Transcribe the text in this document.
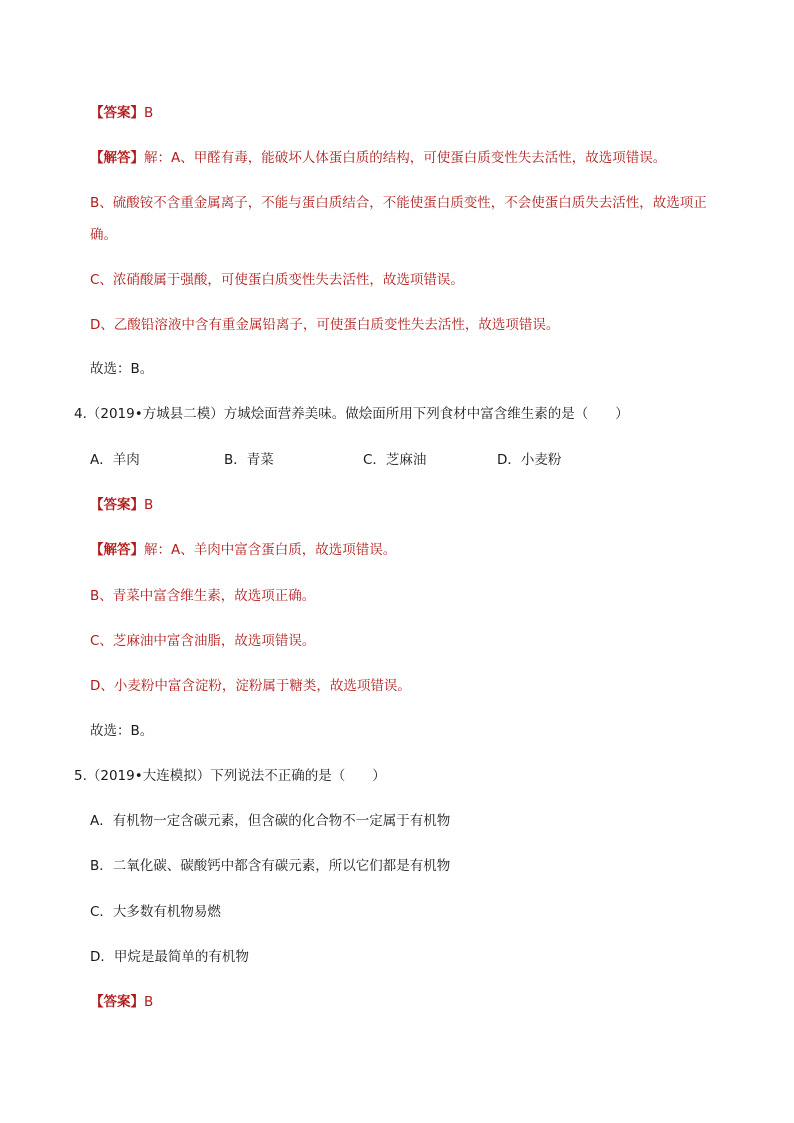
【答案】B
【解答】解：A、甲醛有毒，能破坏人体蛋白质的结构，可使蛋白质变性失去活性，故选项错误。
B、硫酸铵不含重金属离子，不能与蛋白质结合，不能使蛋白质变性，不会使蛋白质失去活性，故选项正
确。
C、浓硝酸属于强酸，可使蛋白质变性失去活性，故选项错误。
D、乙酸铅溶液中含有重金属铅离子，可使蛋白质变性失去活性，故选项错误。
故选：B。
4.（2019•方城县二模）方城烩面营养美味。做烩面所用下列食材中富含维生素的是（　　）
A．羊肉	B．青菜	C．芝麻油	D．小麦粉
【答案】B
【解答】解：A、羊肉中富含蛋白质，故选项错误。
B、青菜中富含维生素，故选项正确。
C、芝麻油中富含油脂，故选项错误。
D、小麦粉中富含淀粉，淀粉属于糖类，故选项错误。
故选：B。
5.（2019•大连模拟）下列说法不正确的是（　　）
A．有机物一定含碳元素，但含碳的化合物不一定属于有机物
B．二氧化碳、碳酸钙中都含有碳元素，所以它们都是有机物
C．大多数有机物易燃
D．甲烷是最简单的有机物
【答案】B
